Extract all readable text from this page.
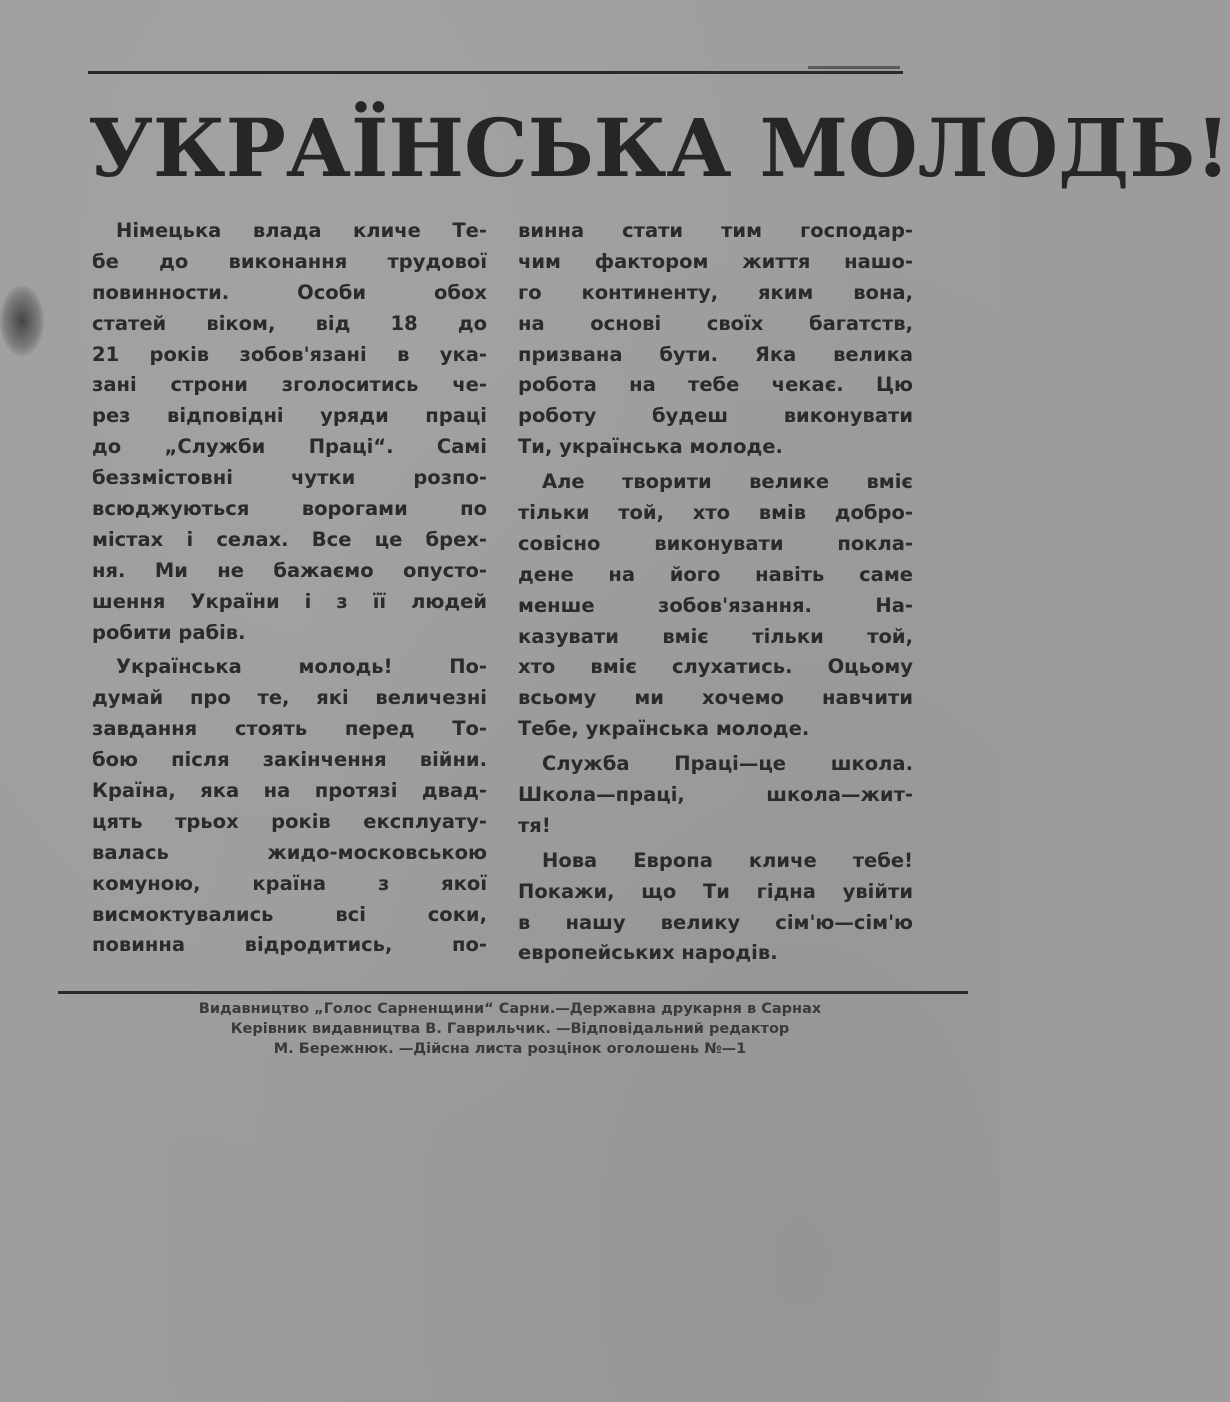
УКРАЇНСЬКА МОЛОДЬ!
Німецька влада кличе Те-
бе до виконання трудової
повинности. Особи обох
статей віком, від 18 до
21 років зобов'язані в ука-
зані строни зголоситись че-
рез відповідні уряди праці
до „Служби Праці“. Самі
беззмістовні чутки розпо-
всюджуються ворогами по
містах і селах. Все це брех-
ня. Ми не бажаємо опусто-
шення України і з її людей
робити рабів.
Українська молодь! По-
думай про те, які величезні
завдання стоять перед То-
бою після закінчення війни.
Країна, яка на протязі двад-
цять трьох років експлуату-
валась жидо-московською
комуною, країна з якої
висмоктувались всі соки,
повинна відродитись, по-
винна стати тим господар-
чим фактором життя нашо-
го континенту, яким вона,
на основі своїх багатств,
призвана бути. Яка велика
робота на тебе чекає. Цю
роботу будеш виконувати
Ти, українська молоде.
Але творити велике вміє
тільки той, хто вмів добро-
совісно виконувати покла-
дене на його навіть саме
менше зобов'язання. На-
казувати вміє тільки той,
хто вміє слухатись. Оцьому
всьому ми хочемо навчити
Тебе, українська молоде.
Служба Праці—це школа.
Школа—праці, школа—жит-
тя!
Нова Европа кличе тебе!
Покажи, що Ти гідна увійти
в нашу велику сім'ю—сім'ю
европейських народів.
Видавництво „Голос Сарненщини“ Сарни.—Державна друкарня в Сарнах
Керівник видавництва В. Гаврильчик. —Відповідальний редактор
М. Бережнюк. —Дійсна листа розцінок оголошень №—1
